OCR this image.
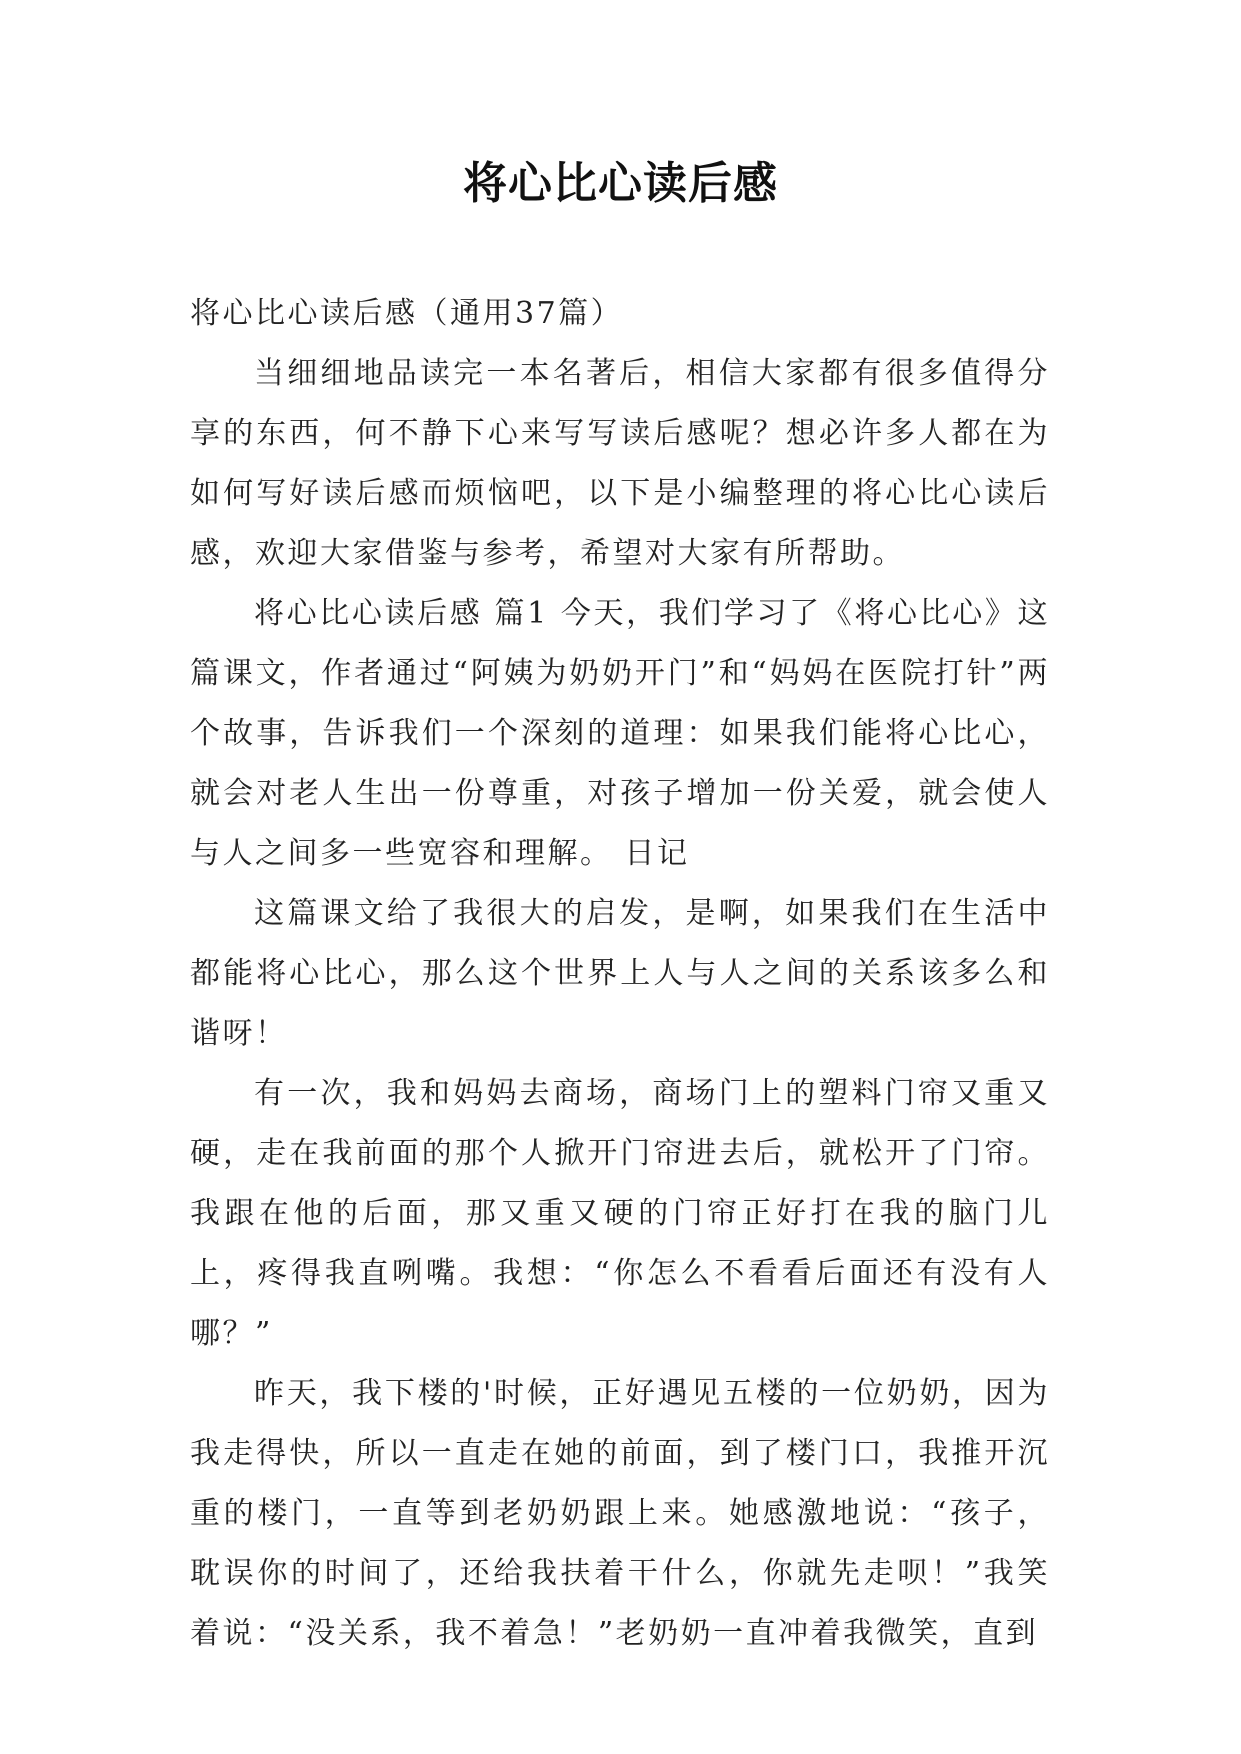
将心比心读后感

将心比心读后感（通用37篇）

当细细地品读完一本名著后，相信大家都有很多值得分享的东西，何不静下心来写写读后感呢？想必许多人都在为如何写好读后感而烦恼吧，以下是小编整理的将心比心读后感，欢迎大家借鉴与参考，希望对大家有所帮助。

将心比心读后感 篇1 今天，我们学习了《将心比心》这篇课文，作者通过“阿姨为奶奶开门”和“妈妈在医院打针”两个故事，告诉我们一个深刻的道理：如果我们能将心比心，就会对老人生出一份尊重，对孩子增加一份关爱，就会使人与人之间多一些宽容和理解。 日记

这篇课文给了我很大的启发，是啊，如果我们在生活中都能将心比心，那么这个世界上人与人之间的关系该多么和谐呀！

有一次，我和妈妈去商场，商场门上的塑料门帘又重又硬，走在我前面的那个人掀开门帘进去后，就松开了门帘。我跟在他的后面，那又重又硬的门帘正好打在我的脑门儿上，疼得我直咧嘴。我想：“你怎么不看看后面还有没有人哪？”

昨天，我下楼的'时候，正好遇见五楼的一位奶奶，因为我走得快，所以一直走在她的前面，到了楼门口，我推开沉重的楼门，一直等到老奶奶跟上来。她感激地说：“孩子，耽误你的时间了，还给我扶着干什么，你就先走呗！”我笑着说：“没关系，我不着急！”老奶奶一直冲着我微笑，直到
